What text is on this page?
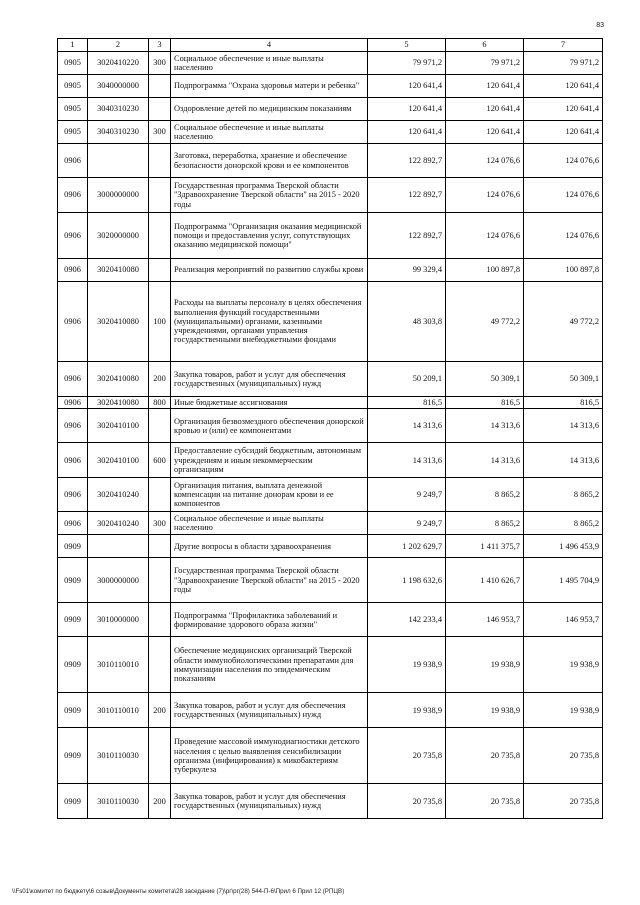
83
1	2	3	4	5	6	7
0905	3020410220	300	Социальное обеспечение и иные выплаты населению	79 971,2	79 971,2	79 971,2
0905	3040000000		Подпрограмма "Охрана здоровья матери и ребенка"	120 641,4	120 641,4	120 641,4
0905	3040310230		Оздоровление детей по медицинским показаниям	120 641,4	120 641,4	120 641,4
0905	3040310230	300	Социальное обеспечение и иные выплаты населению	120 641,4	120 641,4	120 641,4
0906			Заготовка, переработка, хранение и обеспечение безопасности донорской крови и ее компонентов	122 892,7	124 076,6	124 076,6
0906	3000000000		Государственная программа Тверской области "Здравоохранение Тверской области" на 2015 - 2020 годы	122 892,7	124 076,6	124 076,6
0906	3020000000		Подпрограмма "Организация оказания медицинской помощи и предоставления услуг, сопутствующих оказанию медицинской помощи"	122 892,7	124 076,6	124 076,6
0906	3020410080		Реализация мероприятий по развитию службы крови	99 329,4	100 897,8	100 897,8
0906	3020410080	100	Расходы на выплаты персоналу в целях обеспечения выполнения функций государственными (муниципальными) органами, казенными учреждениями, органами управления государственными внебюджетными фондами	48 303,8	49 772,2	49 772,2
0906	3020410080	200	Закупка товаров, работ и услуг для обеспечения государственных (муниципальных) нужд	50 209,1	50 309,1	50 309,1
0906	3020410080	800	Иные бюджетные ассигнования	816,5	816,5	816,5
0906	3020410100		Организация безвозмездного обеспечения донорской кровью и (или) ее компонентами	14 313,6	14 313,6	14 313,6
0906	3020410100	600	Предоставление субсидий бюджетным, автономным учреждениям и иным некоммерческим организациям	14 313,6	14 313,6	14 313,6
0906	3020410240		Организация питания, выплата денежной компенсации на питание донорам крови и ее компонентов	9 249,7	8 865,2	8 865,2
0906	3020410240	300	Социальное обеспечение и иные выплаты населению	9 249,7	8 865,2	8 865,2
0909			Другие вопросы в области здравоохранения	1 202 629,7	1 411 375,7	1 496 453,9
0909	3000000000		Государственная программа Тверской области "Здравоохранение Тверской области" на 2015 - 2020 годы	1 198 632,6	1 410 626,7	1 495 704,9
0909	3010000000		Подпрограмма "Профилактика заболеваний и формирование здорового образа жизни"	142 233,4	146 953,7	146 953,7
0909	3010110010		Обеспечение медицинских организаций Тверской области иммунобиологическими препаратами для иммунизации населения по эпидемическим показаниям	19 938,9	19 938,9	19 938,9
0909	3010110010	200	Закупка товаров, работ и услуг для обеспечения государственных (муниципальных) нужд	19 938,9	19 938,9	19 938,9
0909	3010110030		Проведение массовой иммунодиагностики детского населения с целью выявления сенсибилизации организма (инфицирования) к микобактериям туберкулеза	20 735,8	20 735,8	20 735,8
0909	3010110030	200	Закупка товаров, работ и услуг для обеспечения государственных (муниципальных) нужд	20 735,8	20 735,8	20 735,8
\\Fs01\комитет по бюджету\6 созыв\Документы комитета\28 заседание (7)\рг\рг(28) 544-П-6\Прил 6 Прил 12 (РПЦВ)
